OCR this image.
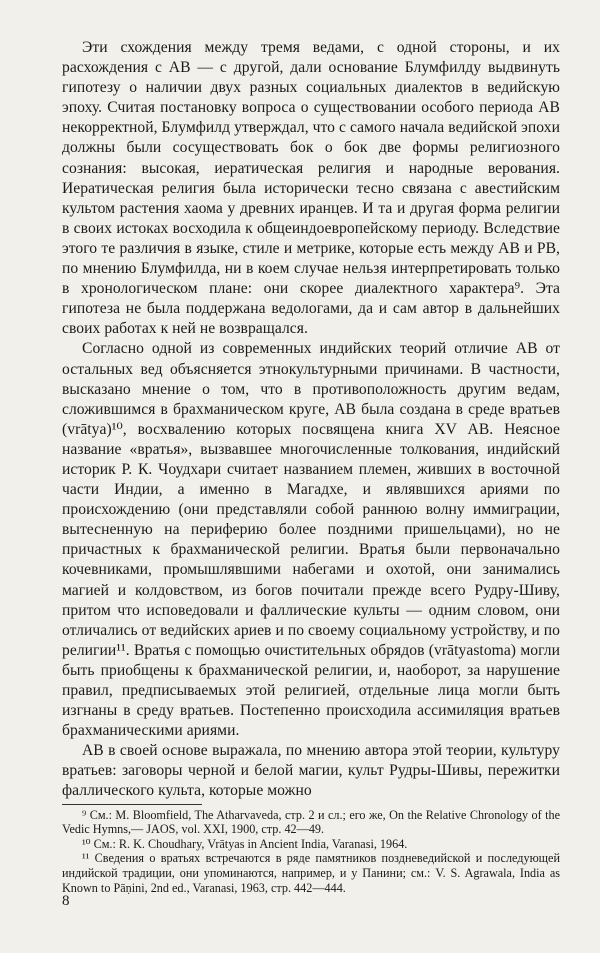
Эти схождения между тремя ведами, с одной стороны, и их расхождения с АВ — с другой, дали основание Блумфилду выдвинуть гипотезу о наличии двух разных социальных диалектов в ведийскую эпоху. Считая постановку вопроса о существовании особого периода АВ некорректной, Блумфилд утверждал, что с самого начала ведийской эпохи должны были сосуществовать бок о бок две формы религиозного сознания: высокая, иератическая религия и народные верования. Иератическая религия была исторически тесно связана с авестийским культом растения хаома у древних иранцев. И та и другая форма религии в своих истоках восходила к общеиндоевропейскому периоду. Вследствие этого те различия в языке, стиле и метрике, которые есть между АВ и РВ, по мнению Блумфилда, ни в коем случае нельзя интерпретировать только в хронологическом плане: они скорее диалектного характера⁹. Эта гипотеза не была поддержана ведологами, да и сам автор в дальнейших своих работах к ней не возвращался.

Согласно одной из современных индийских теорий отличие АВ от остальных вед объясняется этнокультурными причинами. В частности, высказано мнение о том, что в противоположность другим ведам, сложившимся в брахманическом круге, АВ была создана в среде вратьев (vrātya)¹⁰, восхвалению которых посвящена книга XV АВ. Неясное название «вратья», вызвавшее многочисленные толкования, индийский историк Р. К. Чоудхари считает названием племен, живших в восточной части Индии, а именно в Магадхе, и являвшихся ариями по происхождению (они представляли собой раннюю волну иммиграции, вытесненную на периферию более поздними пришельцами), но не причастных к брахманической религии. Вратья были первоначально кочевниками, промышлявшими набегами и охотой, они занимались магией и колдовством, из богов почитали прежде всего Рудру-Шиву, притом что исповедовали и фаллические культы — одним словом, они отличались от ведийских ариев и по своему социальному устройству, и по религии¹¹. Вратья с помощью очистительных обрядов (vrātyastoma) могли быть приобщены к брахманической религии, и, наоборот, за нарушение правил, предписываемых этой религией, отдельные лица могли быть изгнаны в среду вратьев. Постепенно происходила ассимиляция вратьев брахманическими ариями.

АВ в своей основе выражала, по мнению автора этой теории, культуру вратьев: заговоры черной и белой магии, культ Рудры-Шивы, пережитки фаллического культа, которые можно

⁹ См.: M. Bloomfield, The Atharvaveda, стр. 2 и сл.; его же, On the Relative Chronology of the Vedic Hymns,— JAOS, vol. XXI, 1900, стр. 42—49.

¹⁰ См.: R. K. Choudhary, Vrātyas in Ancient India, Varanasi, 1964.

¹¹ Сведения о вратьях встречаются в ряде памятников поздневедийской и последующей индийской традиции, они упоминаются, например, и у Панини; см.: V. S. Agrawala, India as Known to Pāṇini, 2nd ed., Varanasi, 1963, стр. 442—444.

8
